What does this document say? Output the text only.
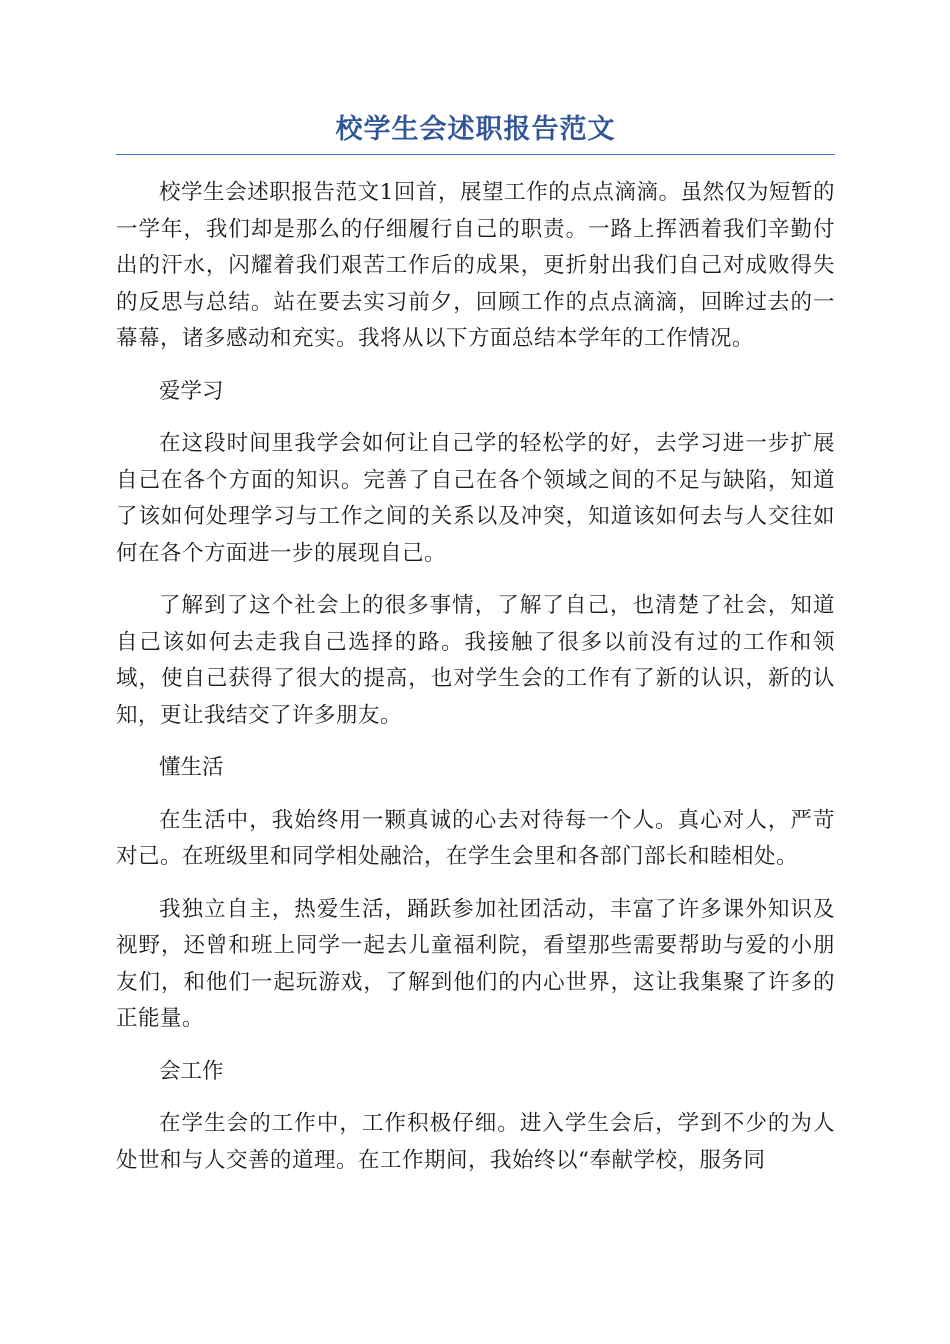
校学生会述职报告范文

校学生会述职报告范文1回首，展望工作的点点滴滴。虽然仅为短暂的一学年，我们却是那么的仔细履行自己的职责。一路上挥洒着我们辛勤付出的汗水，闪耀着我们艰苦工作后的成果，更折射出我们自己对成败得失的反思与总结。站在要去实习前夕，回顾工作的点点滴滴，回眸过去的一幕幕，诸多感动和充实。我将从以下方面总结本学年的工作情况。

爱学习

在这段时间里我学会如何让自己学的轻松学的好，去学习进一步扩展自己在各个方面的知识。完善了自己在各个领域之间的不足与缺陷，知道了该如何处理学习与工作之间的关系以及冲突，知道该如何去与人交往如何在各个方面进一步的展现自己。

了解到了这个社会上的很多事情，了解了自己，也清楚了社会，知道自己该如何去走我自己选择的路。我接触了很多以前没有过的工作和领域，使自己获得了很大的提高，也对学生会的工作有了新的认识，新的认知，更让我结交了许多朋友。

懂生活

在生活中，我始终用一颗真诚的心去对待每一个人。真心对人，严苛对己。在班级里和同学相处融洽，在学生会里和各部门部长和睦相处。

我独立自主，热爱生活，踊跃参加社团活动，丰富了许多课外知识及视野，还曾和班上同学一起去儿童福利院，看望那些需要帮助与爱的小朋友们，和他们一起玩游戏，了解到他们的内心世界，这让我集聚了许多的正能量。

会工作

在学生会的工作中，工作积极仔细。进入学生会后，学到不少的为人处世和与人交善的道理。在工作期间，我始终以“奉献学校，服务同
